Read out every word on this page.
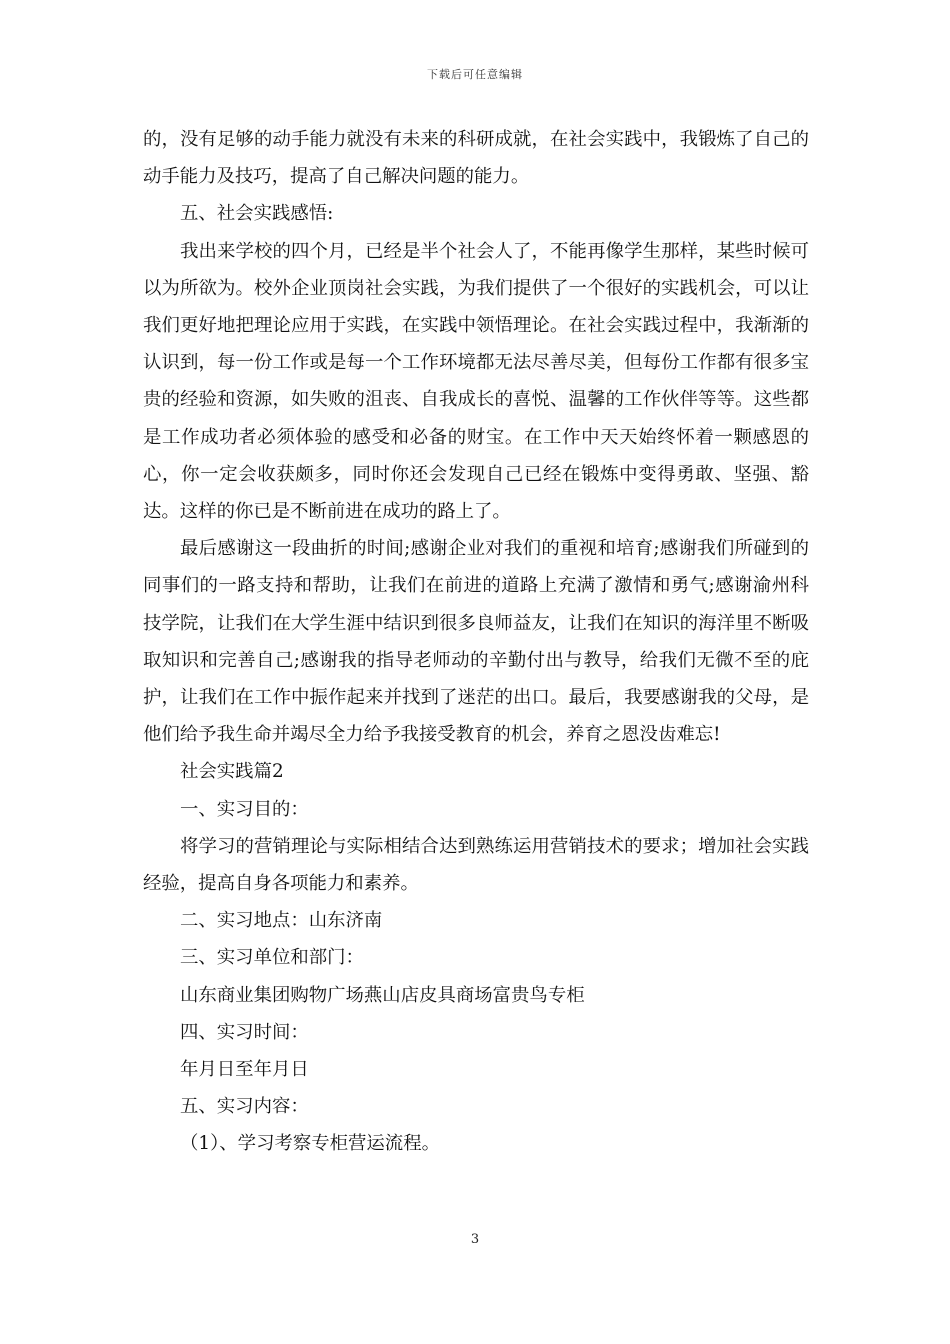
下载后可任意编辑

的，没有足够的动手能力就没有未来的科研成就，在社会实践中，我锻炼了自己的动手能力及技巧，提高了自己解决问题的能力。

五、社会实践感悟:

我出来学校的四个月，已经是半个社会人了，不能再像学生那样，某些时候可以为所欲为。校外企业顶岗社会实践，为我们提供了一个很好的实践机会，可以让我们更好地把理论应用于实践，在实践中领悟理论。在社会实践过程中，我渐渐的认识到，每一份工作或是每一个工作环境都无法尽善尽美，但每份工作都有很多宝贵的经验和资源，如失败的沮丧、自我成长的喜悦、温馨的工作伙伴等等。这些都是工作成功者必须体验的感受和必备的财宝。在工作中天天始终怀着一颗感恩的心，你一定会收获颇多，同时你还会发现自己已经在锻炼中变得勇敢、坚强、豁达。这样的你已是不断前进在成功的路上了。

最后感谢这一段曲折的时间;感谢企业对我们的重视和培育;感谢我们所碰到的同事们的一路支持和帮助，让我们在前进的道路上充满了激情和勇气;感谢渝州科技学院，让我们在大学生涯中结识到很多良师益友，让我们在知识的海洋里不断吸取知识和完善自己;感谢我的指导老师动的辛勤付出与教导，给我们无微不至的庇护，让我们在工作中振作起来并找到了迷茫的出口。最后，我要感谢我的父母，是他们给予我生命并竭尽全力给予我接受教育的机会，养育之恩没齿难忘!

社会实践篇2

一、实习目的：

将学习的营销理论与实际相结合达到熟练运用营销技术的要求；增加社会实践经验，提高自身各项能力和素养。

二、实习地点：山东济南

三、实习单位和部门：

山东商业集团购物广场燕山店皮具商场富贵鸟专柜

四、实习时间：

年月日至年月日

五、实习内容：

（1）、学习考察专柜营运流程。

3
